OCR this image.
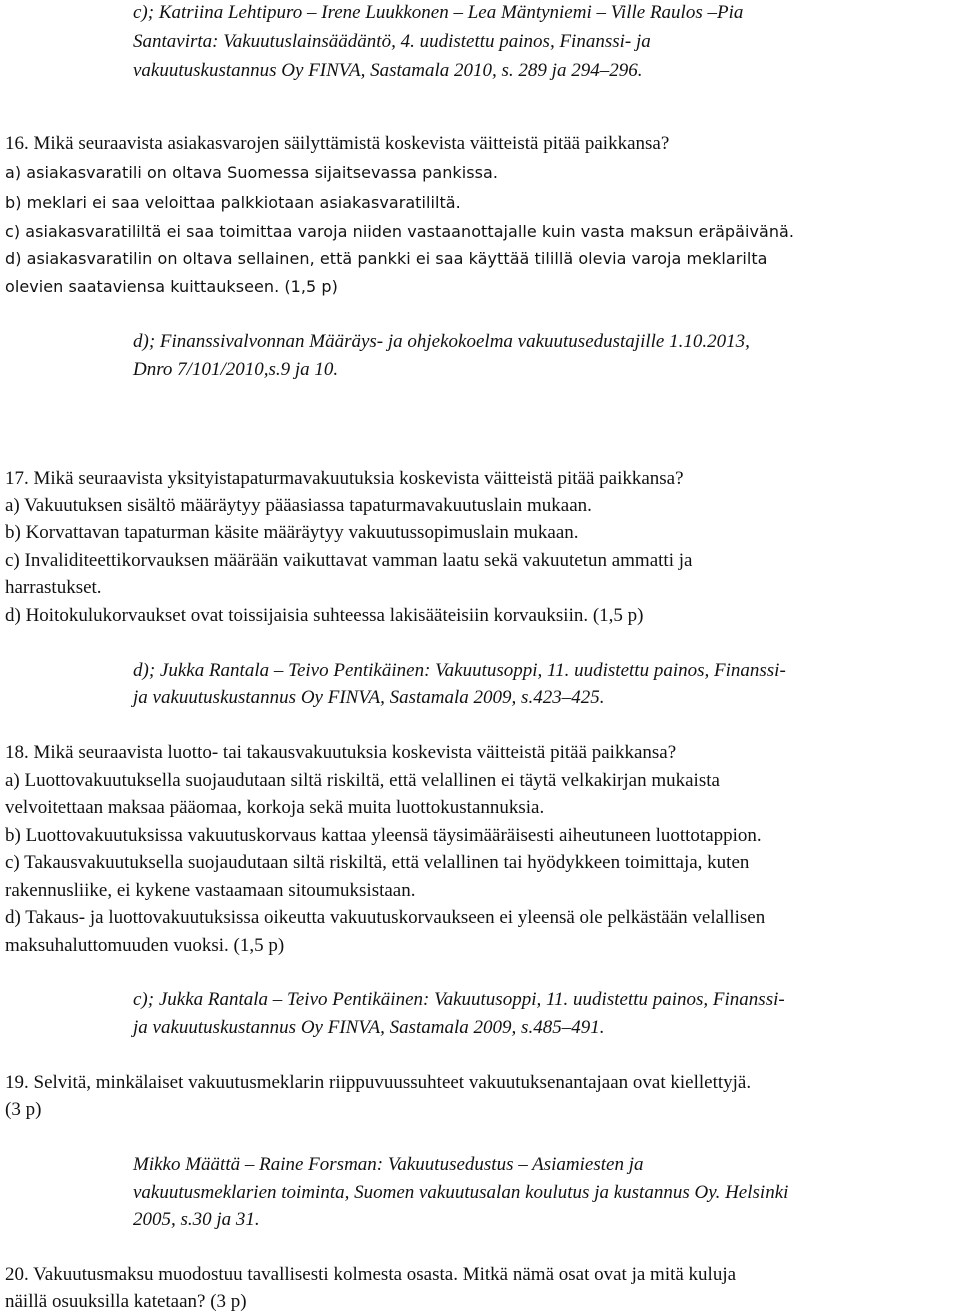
c); Katriina Lehtipuro – Irene Luukkonen – Lea Mäntyniemi – Ville Raulos –Pia
Santavirta: Vakuutuslainsäädäntö, 4. uudistettu painos, Finanssi- ja
vakuutuskustannus Oy FINVA, Sastamala 2010, s. 289 ja 294–296.
16. Mikä seuraavista asiakasvarojen säilyttämistä koskevista väitteistä pitää paikkansa?
a) asiakasvaratili on oltava Suomessa sijaitsevassa pankissa.
b) meklari ei saa veloittaa palkkiotaan asiakasvaratililtä.
c) asiakasvaratililtä ei saa toimittaa varoja niiden vastaanottajalle kuin vasta maksun eräpäivänä.
d) asiakasvaratilin on oltava sellainen, että pankki ei saa käyttää tilillä olevia varoja meklarilta
olevien saataviensa kuittaukseen. (1,5 p)
d); Finanssivalvonnan Määräys- ja ohjekokoelma vakuutusedustajille 1.10.2013,
Dnro 7/101/2010,s.9 ja 10.
17. Mikä seuraavista yksityistapaturmavakuutuksia koskevista väitteistä pitää paikkansa?
a) Vakuutuksen sisältö määräytyy pääasiassa tapaturmavakuutuslain mukaan.
b) Korvattavan tapaturman käsite määräytyy vakuutussopimuslain mukaan.
c) Invaliditeettikorvauksen määrään vaikuttavat vamman laatu sekä vakuutetun ammatti ja
harrastukset.
d) Hoitokulukorvaukset ovat toissijaisia suhteessa lakisääteisiin korvauksiin. (1,5 p)
d); Jukka Rantala – Teivo Pentikäinen: Vakuutusoppi, 11. uudistettu painos, Finanssi-
ja vakuutuskustannus Oy FINVA, Sastamala 2009, s.423–425.
18. Mikä seuraavista luotto- tai takausvakuutuksia koskevista väitteistä pitää paikkansa?
a) Luottovakuutuksella suojaudutaan siltä riskiltä, että velallinen ei täytä velkakirjan mukaista
velvoitettaan maksaa pääomaa, korkoja sekä muita luottokustannuksia.
b) Luottovakuutuksissa vakuutuskorvaus kattaa yleensä täysimääräisesti aiheutuneen luottotappion.
c) Takausvakuutuksella suojaudutaan siltä riskiltä, että velallinen tai hyödykkeen toimittaja, kuten
rakennusliike, ei kykene vastaamaan sitoumuksistaan.
d) Takaus- ja luottovakuutuksissa oikeutta vakuutuskorvaukseen ei yleensä ole pelkästään velallisen
maksuhaluttomuuden vuoksi. (1,5 p)
c); Jukka Rantala – Teivo Pentikäinen: Vakuutusoppi, 11. uudistettu painos, Finanssi-
ja vakuutuskustannus Oy FINVA, Sastamala 2009, s.485–491.
19. Selvitä, minkälaiset vakuutusmeklarin riippuvuussuhteet vakuutuksenantajaan ovat kiellettyjä.
(3 p)
Mikko Määttä – Raine Forsman: Vakuutusedustus – Asiamiesten ja
vakuutusmeklarien toiminta, Suomen vakuutusalan koulutus ja kustannus Oy. Helsinki
2005, s.30 ja 31.
20. Vakuutusmaksu muodostuu tavallisesti kolmesta osasta. Mitkä nämä osat ovat ja mitä kuluja
näillä osuuksilla katetaan? (3 p)
